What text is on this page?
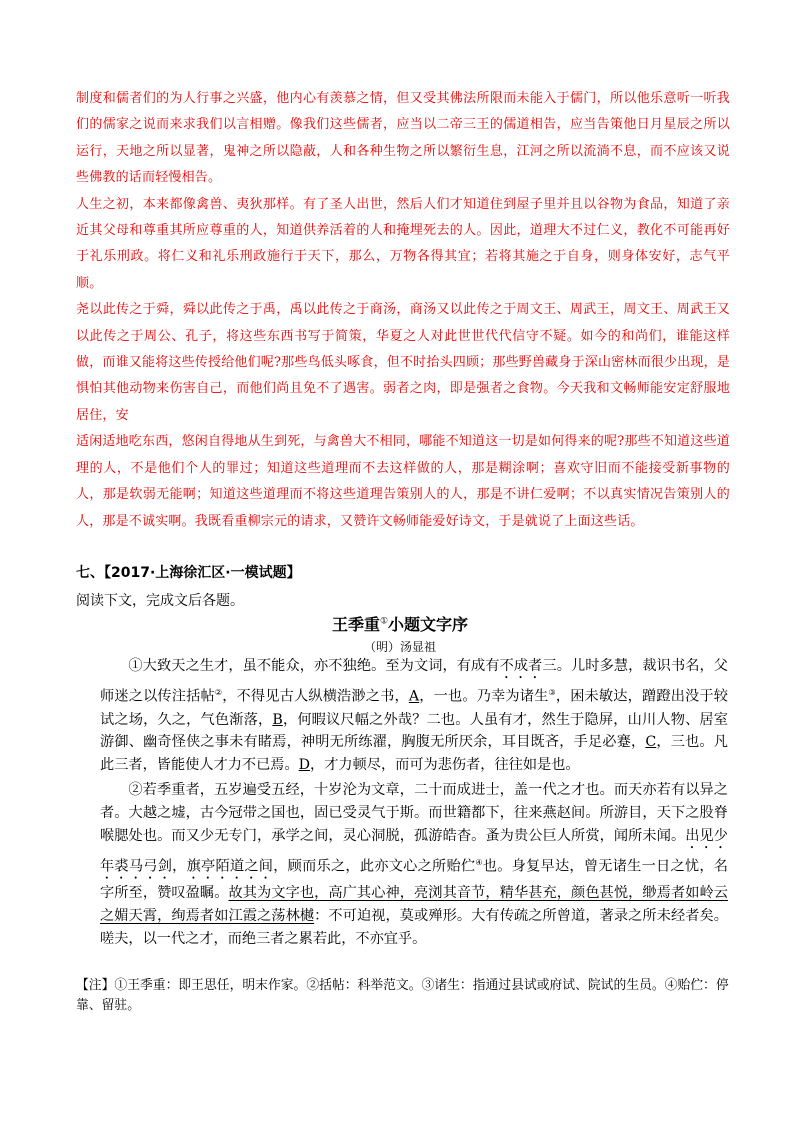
制度和儒者们的为人行事之兴盛，他内心有羡慕之情，但又受其佛法所限而未能入于儒门，所以他乐意听一听我们的儒家之说而来求我们以言相赠。像我们这些儒者，应当以二帝三王的儒道相告，应当告策他日月星辰之所以运行，天地之所以显著，鬼神之所以隐蔽，人和各种生物之所以繁衍生息，江河之所以流淌不息，而不应该又说些佛教的话而轻慢相告。

人生之初，本来都像禽兽、夷狄那样。有了圣人出世，然后人们才知道住到屋子里并且以谷物为食品，知道了亲近其父母和尊重其所应尊重的人，知道供养活着的人和掩埋死去的人。因此，道理大不过仁义，教化不可能再好于礼乐刑政。将仁义和礼乐刑政施行于天下，那么，万物各得其宜；若将其施之于自身，则身体安好，志气平顺。

尧以此传之于舜，舜以此传之于禹，禹以此传之于商汤，商汤又以此传之于周文王、周武王，周文王、周武王又以此传之于周公、孔子，将这些东西书写于简策，华夏之人对此世世代代信守不疑。如今的和尚们，谁能这样做，而谁又能将这些传授给他们呢?那些鸟低头啄食，但不时抬头四顾；那些野兽藏身于深山密林而很少出现，是惧怕其他动物来伤害自己，而他们尚且免不了遇害。弱者之肉，即是强者之食物。今天我和文畅师能安定舒服地居住，安

适闲适地吃东西，悠闲自得地从生到死，与禽兽大不相同，哪能不知道这一切是如何得来的呢?那些不知道这些道理的人，不是他们个人的罪过；知道这些道理而不去这样做的人，那是糊涂啊；喜欢守旧而不能接受新事物的人，那是软弱无能啊；知道这些道理而不将这些道理告策别人的人，那是不讲仁爱啊；不以真实情况告策别人的人，那是不诚实啊。我既看重柳宗元的请求，又赞许文畅师能爱好诗文，于是就说了上面这些话。

七、【2017·上海徐汇区·一模试题】
阅读下文，完成文后各题。
王季重①小题文字序
（明）汤显祖

①大致天之生才，虽不能众，亦不独绝。至为文词，有成有不成者三。儿时多慧，裁识书名，父师迷之以传注括帖②，不得见古人纵横浩渺之书，A，一也。乃幸为诸生③，困未敏达，蹭蹬出没于较试之场，久之，气色渐落，B，何暇议尺幅之外哉？二也。人虽有才，然生于隐屏，山川人物、居室游御、幽奇怪侠之事未有睹焉，神明无所练濯，胸腹无所厌余，耳目既吝，手足必蹇，C，三也。凡此三者，皆能使人才力不已焉。D，才力顿尽，而可为悲伤者，往往如是也。

②若季重者，五岁遍受五经，十岁沦为文章，二十而成进士，盖一代之才也。而天亦若有以异之者。大越之墟，古今冠带之国也，固已受灵气于斯。而世籍都下，往来燕赵间。所游目，天下之股脊喉腮处也。而又少无专门，承学之间，灵心洞脱，孤游皓杳。蚤为贵公巨人所赏，闻所未闻。出见少年裘马弓剑，旗亭陌道之间，顾而乐之，此亦文心之所贻伫④也。身复早达，曾无诸生一日之忧，名字所至，赞叹盈瞩。故其为文字也，高广其心神，亮浏其音节，精华甚充，颜色甚悦，缈焉者如岭云之媚天霄，绚焉者如江霞之荡林樾：不可迫视，莫或殚形。大有传疏之所曾道，著录之所未经者矣。嗟夫，以一代之才，而绝三者之累若此，不亦宜乎。

【注】①王季重：即王思任，明末作家。②括帖：科举范文。③诸生：指通过县试或府试、院试的生员。④贻伫：停靠、留驻。
